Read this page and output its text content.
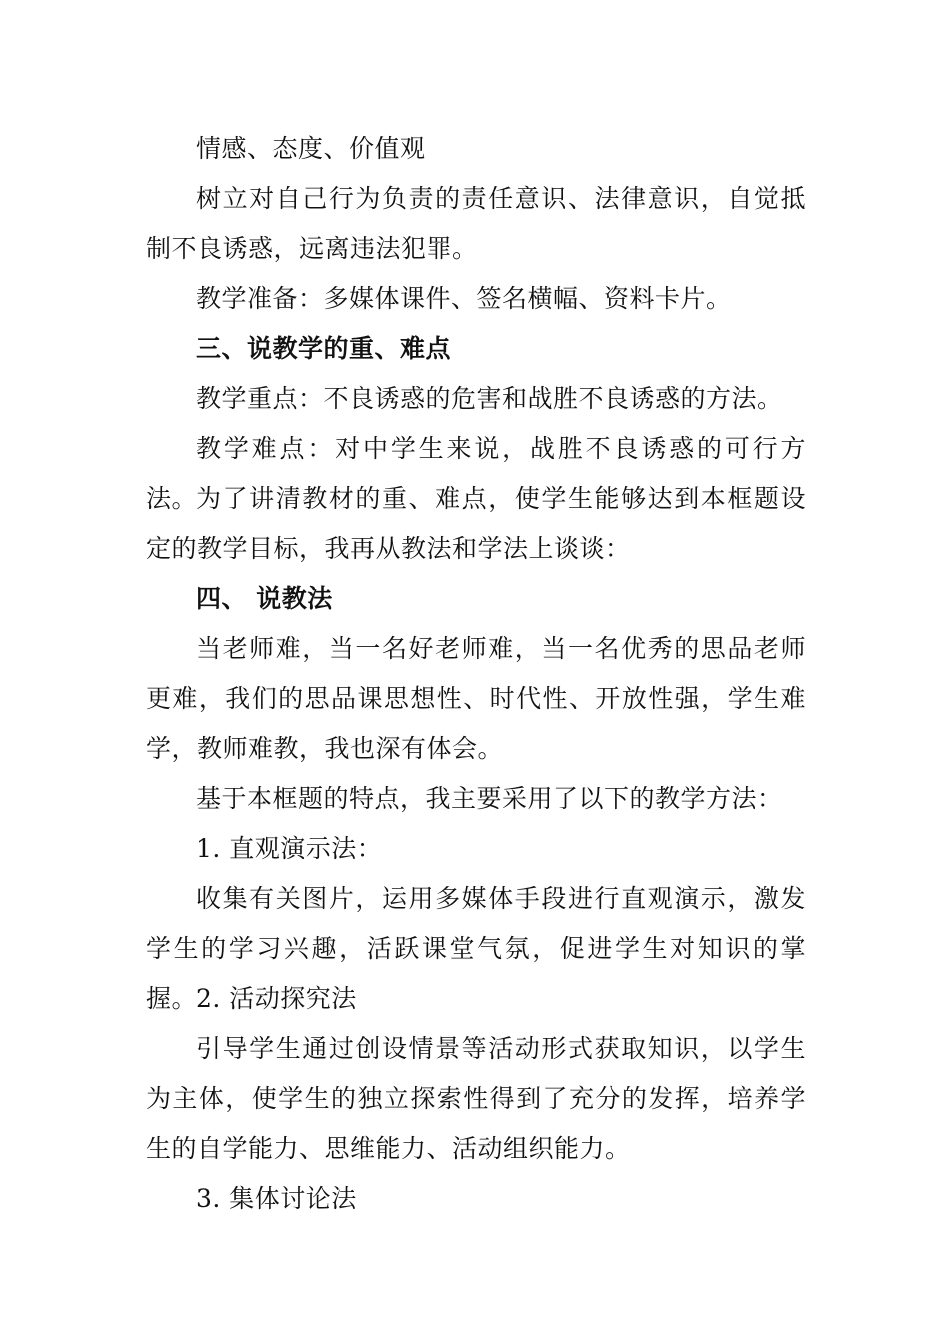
情感、态度、价值观

树立对自己行为负责的责任意识、法律意识，自觉抵制不良诱惑，远离违法犯罪。

教学准备：多媒体课件、签名横幅、资料卡片。

三、说教学的重、难点

教学重点：不良诱惑的危害和战胜不良诱惑的方法。

教学难点：对中学生来说，战胜不良诱惑的可行方法。

为了讲清教材的重、难点，使学生能够达到本框题设定的教学目标，我再从教法和学法上谈谈：

四、 说教法

当老师难，当一名好老师难，当一名优秀的思品老师更难，我们的思品课思想性、时代性、开放性强，学生难学，教师难教，我也深有体会。

基于本框题的特点，我主要采用了以下的教学方法：

1. 直观演示法：

收集有关图片，运用多媒体手段进行直观演示，激发学生的学习兴趣，活跃课堂气氛，促进学生对知识的掌握。

2. 活动探究法

引导学生通过创设情景等活动形式获取知识，以学生为主体，使学生的独立探索性得到了充分的发挥，培养学生的自学能力、思维能力、活动组织能力。

3. 集体讨论法
